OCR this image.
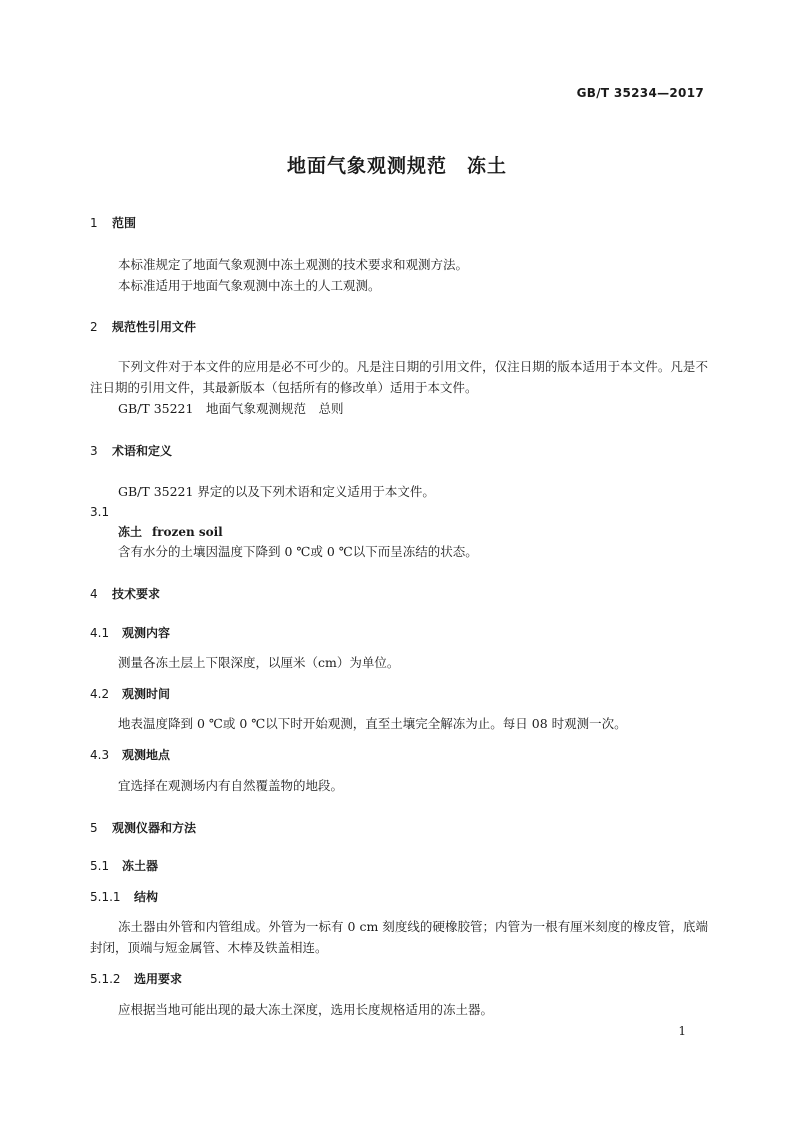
GB/T 35234—2017
地面气象观测规范　冻土
1 范围
本标准规定了地面气象观测中冻土观测的技术要求和观测方法。
本标准适用于地面气象观测中冻土的人工观测。
2 规范性引用文件
下列文件对于本文件的应用是必不可少的。凡是注日期的引用文件，仅注日期的版本适用于本文件。凡是不注日期的引用文件，其最新版本（包括所有的修改单）适用于本文件。
GB/T 35221　地面气象观测规范　总则
3 术语和定义
GB/T 35221 界定的以及下列术语和定义适用于本文件。
3.1
冻土 frozen soil
含有水分的土壤因温度下降到 0 ℃或 0 ℃以下而呈冻结的状态。
4 技术要求
4.1 观测内容
测量各冻土层上下限深度，以厘米（cm）为单位。
4.2 观测时间
地表温度降到 0 ℃或 0 ℃以下时开始观测，直至土壤完全解冻为止。每日 08 时观测一次。
4.3 观测地点
宜选择在观测场内有自然覆盖物的地段。
5 观测仪器和方法
5.1 冻土器
5.1.1 结构
冻土器由外管和内管组成。外管为一标有 0 cm 刻度线的硬橡胶管；内管为一根有厘米刻度的橡皮管，底端封闭，顶端与短金属管、木棒及铁盖相连。
5.1.2 选用要求
应根据当地可能出现的最大冻土深度，选用长度规格适用的冻土器。
1
